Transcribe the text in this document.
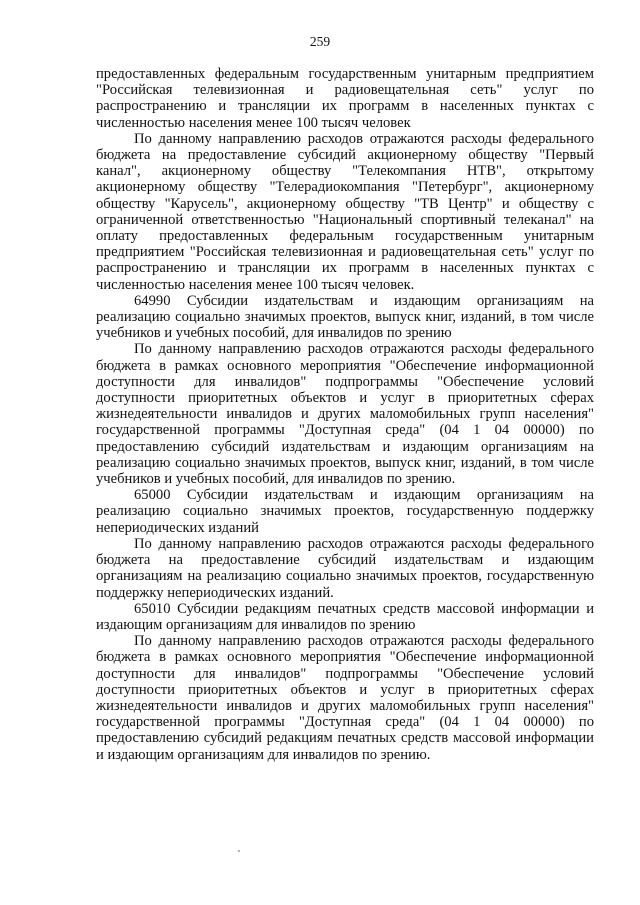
259

предоставленных федеральным государственным унитарным предприятием "Российская телевизионная и радиовещательная сеть" услуг по распространению и трансляции их программ в населенных пунктах с численностью населения менее 100 тысяч человек

По данному направлению расходов отражаются расходы федерального бюджета на предоставление субсидий акционерному обществу "Первый канал", акционерному обществу "Телекомпания НТВ", открытому акционерному обществу "Телерадиокомпания "Петербург", акционерному обществу "Карусель", акционерному обществу "ТВ Центр" и обществу с ограниченной ответственностью "Национальный спортивный телеканал" на оплату предоставленных федеральным государственным унитарным предприятием "Российская телевизионная и радиовещательная сеть" услуг по распространению и трансляции их программ в населенных пунктах с численностью населения менее 100 тысяч человек.

64990 Субсидии издательствам и издающим организациям на реализацию социально значимых проектов, выпуск книг, изданий, в том числе учебников и учебных пособий, для инвалидов по зрению

По данному направлению расходов отражаются расходы федерального бюджета в рамках основного мероприятия "Обеспечение информационной доступности для инвалидов" подпрограммы "Обеспечение условий доступности приоритетных объектов и услуг в приоритетных сферах жизнедеятельности инвалидов и других маломобильных групп населения" государственной программы "Доступная среда" (04 1 04 00000) по предоставлению субсидий издательствам и издающим организациям на реализацию социально значимых проектов, выпуск книг, изданий, в том числе учебников и учебных пособий, для инвалидов по зрению.

65000 Субсидии издательствам и издающим организациям на реализацию социально значимых проектов, государственную поддержку непериодических изданий

По данному направлению расходов отражаются расходы федерального бюджета на предоставление субсидий издательствам и издающим организациям на реализацию социально значимых проектов, государственную поддержку непериодических изданий.

65010 Субсидии редакциям печатных средств массовой информации и издающим организациям для инвалидов по зрению

По данному направлению расходов отражаются расходы федерального бюджета в рамках основного мероприятия "Обеспечение информационной доступности для инвалидов" подпрограммы "Обеспечение условий доступности приоритетных объектов и услуг в приоритетных сферах жизнедеятельности инвалидов и других маломобильных групп населения" государственной программы "Доступная среда" (04 1 04 00000) по предоставлению субсидий редакциям печатных средств массовой информации и издающим организациям для инвалидов по зрению.
